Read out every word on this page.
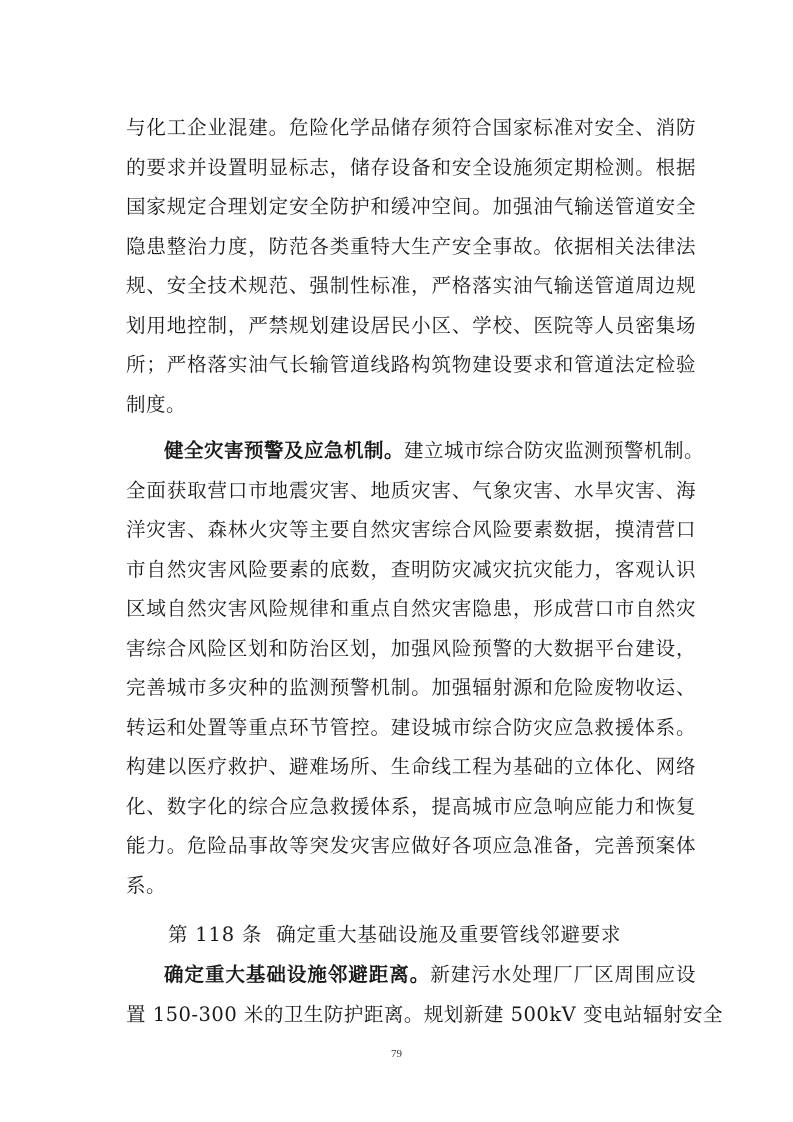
与化工企业混建。危险化学品储存须符合国家标准对安全、消防
的要求并设置明显标志，储存设备和安全设施须定期检测。根据
国家规定合理划定安全防护和缓冲空间。加强油气输送管道安全
隐患整治力度，防范各类重特大生产安全事故。依据相关法律法
规、安全技术规范、强制性标准，严格落实油气输送管道周边规
划用地控制，严禁规划建设居民小区、学校、医院等人员密集场
所；严格落实油气长输管道线路构筑物建设要求和管道法定检验
制度。
健全灾害预警及应急机制。建立城市综合防灾监测预警机制。
全面获取营口市地震灾害、地质灾害、气象灾害、水旱灾害、海
洋灾害、森林火灾等主要自然灾害综合风险要素数据，摸清营口
市自然灾害风险要素的底数，查明防灾减灾抗灾能力，客观认识
区域自然灾害风险规律和重点自然灾害隐患，形成营口市自然灾
害综合风险区划和防治区划，加强风险预警的大数据平台建设，
完善城市多灾种的监测预警机制。加强辐射源和危险废物收运、
转运和处置等重点环节管控。建设城市综合防灾应急救援体系。
构建以医疗救护、避难场所、生命线工程为基础的立体化、网络
化、数字化的综合应急救援体系，提高城市应急响应能力和恢复
能力。危险品事故等突发灾害应做好各项应急准备，完善预案体
系。
第 118 条 确定重大基础设施及重要管线邻避要求
确定重大基础设施邻避距离。新建污水处理厂厂区周围应设
置 150-300 米的卫生防护距离。规划新建 500kV 变电站辐射安全
79
